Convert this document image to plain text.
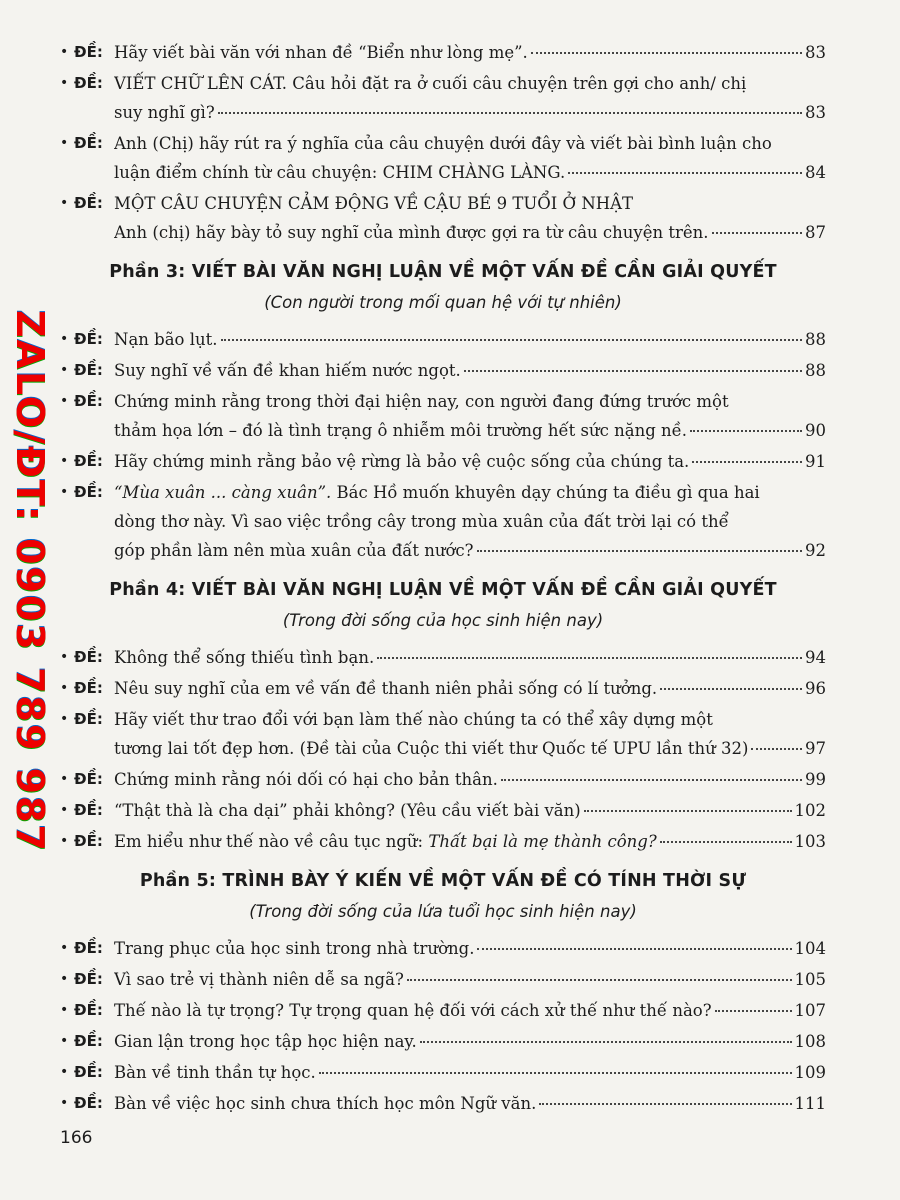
ZALO/ĐT: 0903 789 987
• ĐỀ: Hãy viết bài văn với nhan đề “Biển như lòng mẹ”.	83
• ĐỀ: VIẾT CHỮ LÊN CÁT. Câu hỏi đặt ra ở cuối câu chuyện trên gợi cho anh/ chị
suy nghĩ gì?	83
• ĐỀ: Anh (Chị) hãy rút ra ý nghĩa của câu chuyện dưới đây và viết bài bình luận cho
luận điểm chính từ câu chuyện: CHIM CHÀNG LÀNG.	84
• ĐỀ: MỘT CÂU CHUYỆN CẢM ĐỘNG VỀ CẬU BÉ 9 TUỔI Ở NHẬT
Anh (chị) hãy bày tỏ suy nghĩ của mình được gợi ra từ câu chuyện trên.	87
Phần 3: VIẾT BÀI VĂN NGHỊ LUẬN VỀ MỘT VẤN ĐỀ CẦN GIẢI QUYẾT
(Con người trong mối quan hệ với tự nhiên)
• ĐỀ: Nạn bão lụt.	88
• ĐỀ: Suy nghĩ về vấn đề khan hiếm nước ngọt.	88
• ĐỀ: Chứng minh rằng trong thời đại hiện nay, con người đang đứng trước một
thảm họa lớn – đó là tình trạng ô nhiễm môi trường hết sức nặng nề.	90
• ĐỀ: Hãy chứng minh rằng bảo vệ rừng là bảo vệ cuộc sống của chúng ta.	91
• ĐỀ: “Mùa xuân ... càng xuân”. Bác Hồ muốn khuyên dạy chúng ta điều gì qua hai
dòng thơ này. Vì sao việc trồng cây trong mùa xuân của đất trời lại có thể
góp phần làm nên mùa xuân của đất nước?	92
Phần 4: VIẾT BÀI VĂN NGHỊ LUẬN VỀ MỘT VẤN ĐỀ CẦN GIẢI QUYẾT
(Trong đời sống của học sinh hiện nay)
• ĐỀ: Không thể sống thiếu tình bạn.	94
• ĐỀ: Nêu suy nghĩ của em về vấn đề thanh niên phải sống có lí tưởng.	96
• ĐỀ: Hãy viết thư trao đổi với bạn làm thế nào chúng ta có thể xây dựng một
tương lai tốt đẹp hơn. (Đề tài của Cuộc thi viết thư Quốc tế UPU lần thứ 32)	97
• ĐỀ: Chứng minh rằng nói dối có hại cho bản thân.	99
• ĐỀ: “Thật thà là cha dại” phải không? (Yêu cầu viết bài văn)	102
• ĐỀ: Em hiểu như thế nào về câu tục ngữ: Thất bại là mẹ thành công?	103
Phần 5: TRÌNH BÀY Ý KIẾN VỀ MỘT VẤN ĐỀ CÓ TÍNH THỜI SỰ
(Trong đời sống của lứa tuổi học sinh hiện nay)
• ĐỀ: Trang phục của học sinh trong nhà trường.	104
• ĐỀ: Vì sao trẻ vị thành niên dễ sa ngã?	105
• ĐỀ: Thế nào là tự trọng? Tự trọng quan hệ đối với cách xử thế như thế nào?	107
• ĐỀ: Gian lận trong học tập học hiện nay.	108
• ĐỀ: Bàn về tinh thần tự học.	109
• ĐỀ: Bàn về việc học sinh chưa thích học môn Ngữ văn.	111
166
